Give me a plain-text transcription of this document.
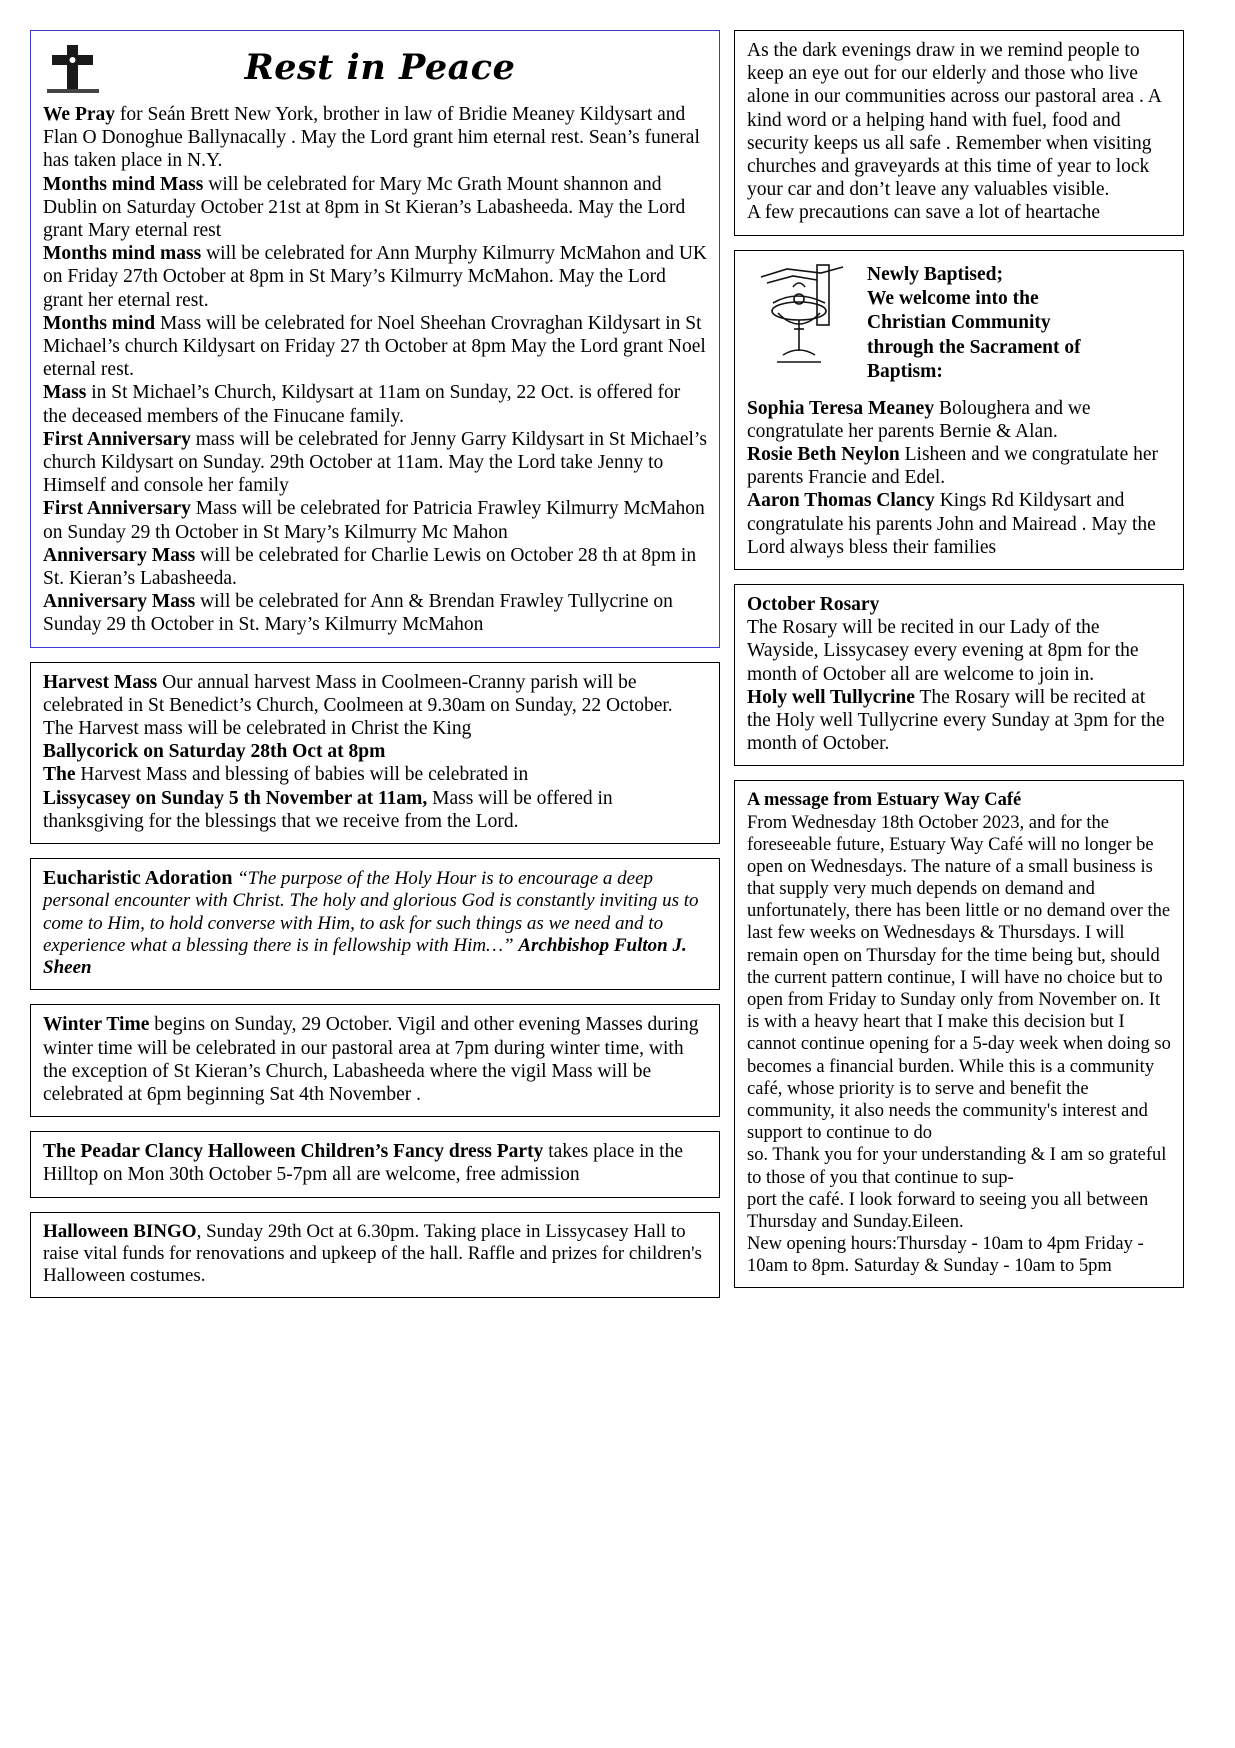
Rest in Peace

We Pray for Seán Brett New York, brother in law of Bridie Meaney Kildysart and Flan O Donoghue Ballynacally . May the Lord grant him eternal rest. Sean’s funeral has taken place in N.Y.

Months mind Mass will be celebrated for Mary Mc Grath Mount shannon and Dublin on Saturday October 21st at 8pm in St Kieran’s Labasheeda. May the Lord grant Mary eternal rest

Months mind mass will be celebrated for Ann Murphy Kilmurry McMahon and UK on Friday 27th October at 8pm in St Mary’s Kilmurry McMahon. May the Lord grant her eternal rest.

Months mind Mass will be celebrated for Noel Sheehan Crovraghan Kildysart in St Michael’s church Kildysart on Friday 27 th October at 8pm May the Lord grant Noel eternal rest.

Mass in St Michael’s Church, Kildysart at 11am on Sunday, 22 Oct. is offered for the deceased members of the Finucane family.

First Anniversary mass will be celebrated for Jenny Garry Kildysart in St Michael’s church Kildysart on Sunday. 29th October at 11am. May the Lord take Jenny to Himself and console her family

First Anniversary Mass will be celebrated for Patricia Frawley Kilmurry McMahon on Sunday 29 th October in St Mary’s Kilmurry Mc Mahon

Anniversary Mass will be celebrated for Charlie Lewis on October 28 th at 8pm in St. Kieran’s Labasheeda.

Anniversary Mass will be celebrated for Ann & Brendan Frawley Tullycrine on Sunday 29 th October in St. Mary’s Kilmurry McMahon

Harvest Mass Our annual harvest Mass in Coolmeen-Cranny parish will be celebrated in St Benedict’s Church, Coolmeen at 9.30am on Sunday, 22 October. The Harvest mass will be celebrated in Christ the King

Ballycorick on Saturday 28th Oct at 8pm

The Harvest Mass and blessing of babies will be celebrated in

Lissycasey on Sunday 5 th November at 11am, Mass will be offered in thanksgiving for the blessings that we receive from the Lord.

Eucharistic Adoration “The purpose of the Holy Hour is to encourage a deep personal encounter with Christ. The holy and glorious God is constantly inviting us to come to Him, to hold converse with Him, to ask for such things as we need and to experience what a blessing there is in fellowship with Him…” Archbishop Fulton J. Sheen

Winter Time begins on Sunday, 29 October. Vigil and other evening Masses during winter time will be celebrated in our pastoral area at 7pm during winter time, with the exception of St Kieran’s Church, Labasheeda where the vigil Mass will be celebrated at 6pm beginning Sat 4th November .

The Peadar Clancy Halloween Children’s Fancy dress Party takes place in the Hilltop on Mon 30th October 5-7pm all are welcome, free admission

Halloween BINGO, Sunday 29th Oct at 6.30pm. Taking place in Lissycasey Hall to raise vital funds for renovations and upkeep of the hall. Raffle and prizes for children's Halloween costumes.

As the dark evenings draw in we remind people to keep an eye out for our elderly and those who live alone in our communities across our pastoral area . A kind word or a helping hand with fuel, food and security keeps us all safe . Remember when visiting churches and graveyards at this time of year to lock your car and don’t leave any valuables visible.

A few precautions can save a lot of heartache

Newly Baptised;
We welcome into the
Christian Community
through the Sacrament of
Baptism:

Sophia Teresa Meaney Boloughera and we congratulate her parents Bernie & Alan.

Rosie Beth Neylon Lisheen and we congratulate her parents Francie and Edel.

Aaron Thomas Clancy Kings Rd Kildysart and congratulate his parents John and Mairead . May the Lord always bless their families

October Rosary

The Rosary will be recited in our Lady of the Wayside, Lissycasey every evening at 8pm for the month of October all are welcome to join in.

Holy well Tullycrine The Rosary will be recited at the Holy well Tullycrine every Sunday at 3pm for the month of October.

A message from Estuary Way Café

From Wednesday 18th October 2023, and for the foreseeable future, Estuary Way Café will no longer be open on Wednesdays. The nature of a small business is that supply very much depends on demand and unfortunately, there has been little or no demand over the last few weeks on Wednesdays & Thursdays. I will remain open on Thursday for the time being but, should the current pattern continue, I will have no choice but to open from Friday to Sunday only from November on. It is with a heavy heart that I make this decision but I cannot continue opening for a 5-day week when doing so becomes a financial burden. While this is a community café, whose priority is to serve and benefit the community, it also needs the community's interest and support to continue to do

so. Thank you for your understanding & I am so grateful to those of you that continue to sup-

port the café. I look forward to seeing you all between Thursday and Sunday.Eileen.

New opening hours:Thursday - 10am to 4pm Friday - 10am to 8pm. Saturday & Sunday - 10am to 5pm
